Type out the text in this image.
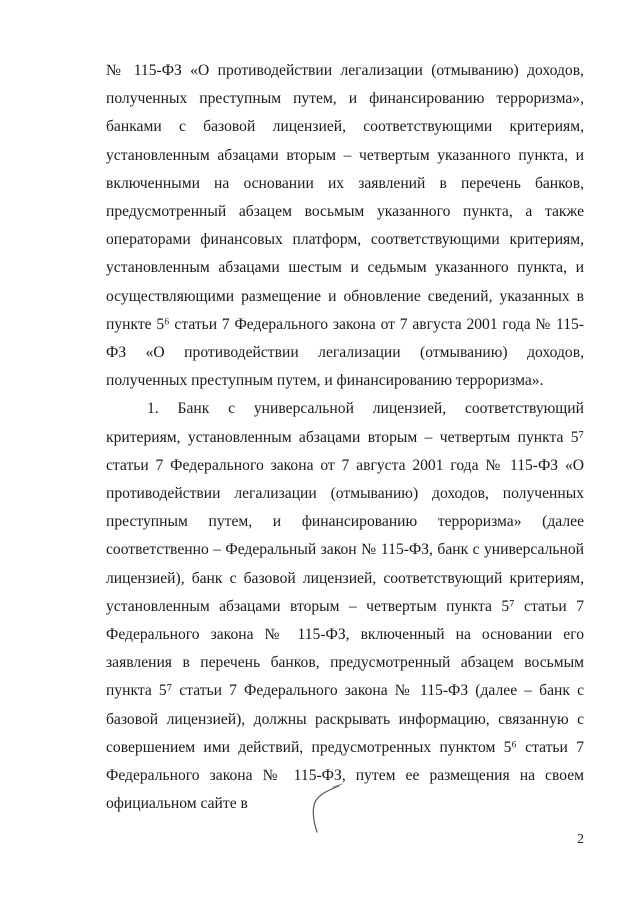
№ 115-ФЗ «О противодействии легализации (отмыванию) доходов, полученных преступным путем, и финансированию терроризма», банками с базовой лицензией, соответствующими критериям, установленным абзацами вторым – четвертым указанного пункта, и включенными на основании их заявлений в перечень банков, предусмотренный абзацем восьмым указанного пункта, а также операторами финансовых платформ, соответствующими критериям, установленным абзацами шестым и седьмым указанного пункта, и осуществляющими размещение и обновление сведений, указанных в пункте 5⁶ статьи 7 Федерального закона от 7 августа 2001 года № 115-ФЗ «О противодействии легализации (отмыванию) доходов, полученных преступным путем, и финансированию терроризма».

1. Банк с универсальной лицензией, соответствующий критериям, установленным абзацами вторым – четвертым пункта 5⁷ статьи 7 Федерального закона от 7 августа 2001 года № 115-ФЗ «О противодействии легализации (отмыванию) доходов, полученных преступным путем, и финансированию терроризма» (далее соответственно – Федеральный закон № 115-ФЗ, банк с универсальной лицензией), банк с базовой лицензией, соответствующий критериям, установленным абзацами вторым – четвертым пункта 5⁷ статьи 7 Федерального закона № 115-ФЗ, включенный на основании его заявления в перечень банков, предусмотренный абзацем восьмым пункта 5⁷ статьи 7 Федерального закона № 115-ФЗ (далее – банк с базовой лицензией), должны раскрывать информацию, связанную с совершением ими действий, предусмотренных пунктом 5⁶ статьи 7 Федерального закона № 115-ФЗ, путем ее размещения на своем официальном сайте в

2
